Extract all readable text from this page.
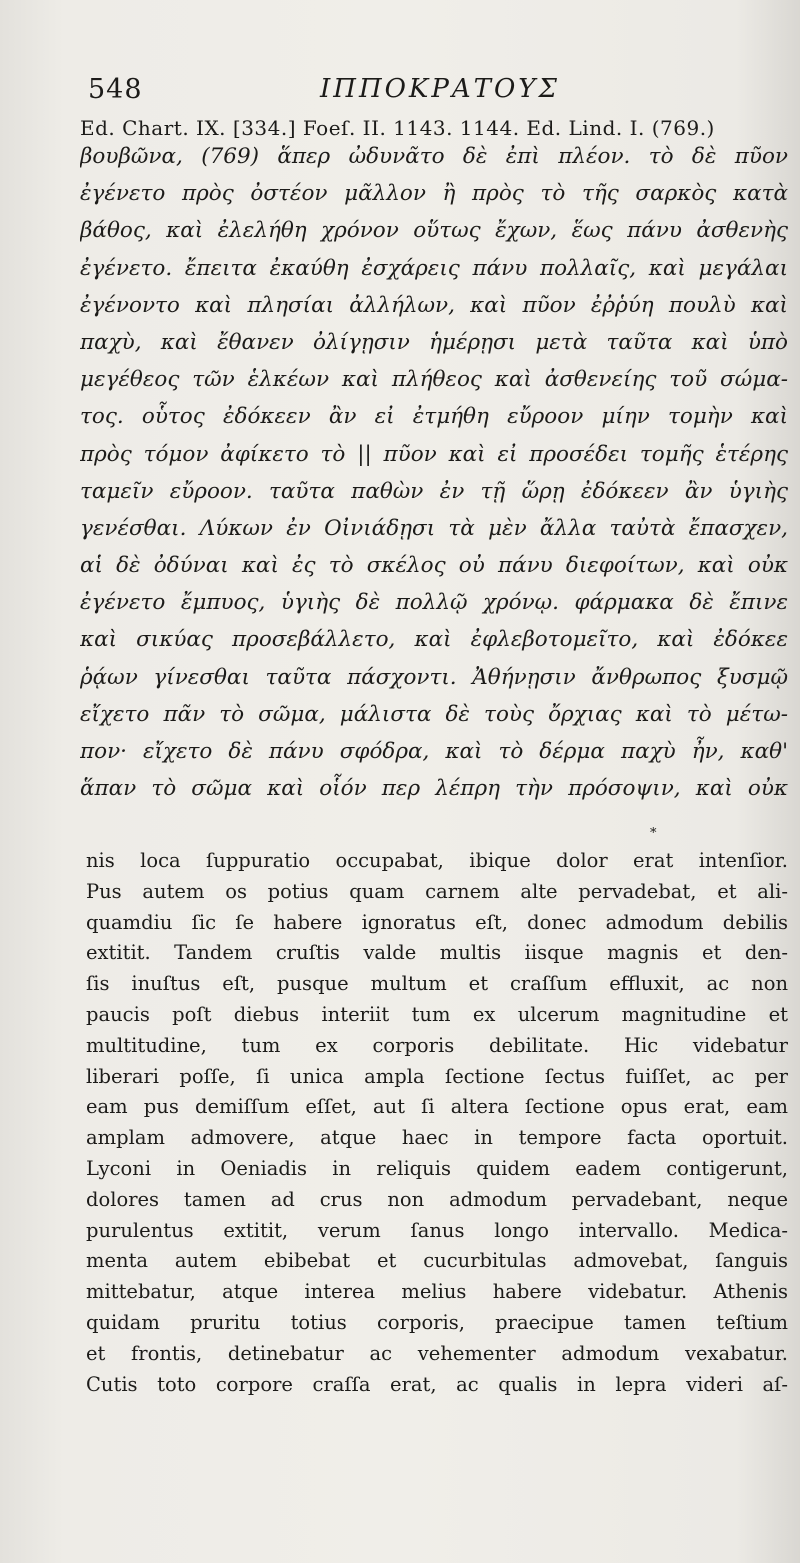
548	ΙΠΠΟΚΡΑΤΟΥΣ
Ed. Chart. IX. [334.] Foeſ. II. 1143. 1144. Ed. Lind. I. (769.)
βουβῶνα, (769) ἅπερ ὠδυνᾶτο δὲ ἐπὶ πλέον. τὸ δὲ πῦον
ἐγένετο πρὸς ὀστέον μᾶλλον ἢ πρὸς τὸ τῆς σαρκὸς κατὰ
βάθος, καὶ ἐλελήθη χρόνον οὕτως ἔχων, ἕως πάνυ ἀσθενὴς
ἐγένετο. ἔπειτα ἐκαύθη ἐσχάρεις πάνυ πολλαῖς, καὶ μεγάλαι
ἐγένοντο καὶ πλησίαι ἀλλήλων, καὶ πῦον ἐῤῥύη πουλὺ καὶ
παχὺ, καὶ ἔθανεν ὀλίγῃσιν ἡμέρῃσι μετὰ ταῦτα καὶ ὑπὸ
μεγέθεος τῶν ἑλκέων καὶ πλήθεος καὶ ἀσθενείης τοῦ σώμα-
τος. οὗτος ἐδόκεεν ἂν εἰ ἐτμήθη εὔροον μίην τομὴν καὶ
πρὸς τόμον ἀφίκετο τὸ || πῦον καὶ εἰ προσέδει τομῆς ἑτέρης
ταμεῖν εὔροον. ταῦτα παθὼν ἐν τῇ ὥρῃ ἐδόκεεν ἂν ὑγιὴς
γενέσθαι. Λύκων ἐν Οἰνιάδῃσι τὰ μὲν ἄλλα ταὐτὰ ἔπασχεν,
αἱ δὲ ὀδύναι καὶ ἐς τὸ σκέλος οὐ πάνυ διεφοίτων, καὶ οὐκ
ἐγένετο ἔμπυος, ὑγιὴς δὲ πολλῷ χρόνῳ. φάρμακα δὲ ἔπινε
καὶ σικύας προσεβάλλετο, καὶ ἐφλεβοτομεῖτο, καὶ ἐδόκεε
ῥᾴων γίνεσθαι ταῦτα πάσχοντι. Ἀθήνῃσιν ἄνθρωπος ξυσμῷ
εἴχετο πᾶν τὸ σῶμα, μάλιστα δὲ τοὺς ὄρχιας καὶ τὸ μέτω-
πον· εἴχετο δὲ πάνυ σφόδρα, καὶ τὸ δέρμα παχὺ ἦν, καθ'
ἅπαν τὸ σῶμα καὶ οἷόν περ λέπρη τὴν πρόσοψιν, καὶ οὐκ
*
nis loca ſuppuratio occupabat, ibique dolor erat intenſior.
Pus autem os potius quam carnem alte pervadebat, et ali-
quamdiu ſic ſe habere ignoratus eſt, donec admodum debilis
extitit. Tandem cruſtis valde multis iisque magnis et den-
ſis inuſtus eſt, pusque multum et craſſum effluxit, ac non
paucis poſt diebus interiit tum ex ulcerum magnitudine et
multitudine, tum ex corporis debilitate. Hic videbatur
liberari poſſe, ſi unica ampla ſectione ſectus fuiſſet, ac per
eam pus demiſſum eſſet, aut ſi altera ſectione opus erat, eam
amplam admovere, atque haec in tempore facta oportuit.
Lyconi in Oeniadis in reliquis quidem eadem contigerunt,
dolores tamen ad crus non admodum pervadebant, neque
purulentus extitit, verum ſanus longo intervallo. Medica-
menta autem ebibebat et cucurbitulas admovebat, ſanguis
mittebatur, atque interea melius habere videbatur. Athenis
quidam pruritu totius corporis, praecipue tamen teſtium
et frontis, detinebatur ac vehementer admodum vexabatur.
Cutis toto corpore craſſa erat, ac qualis in lepra videri aſ-
